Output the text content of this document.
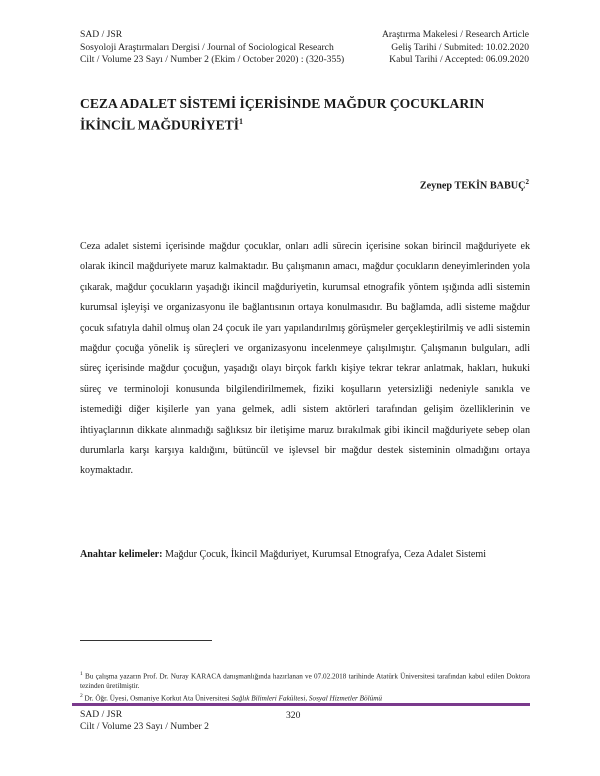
SAD / JSR
Sosyoloji Araştırmaları Dergisi / Journal of Sociological Research
Cilt / Volume 23 Sayı / Number 2 (Ekim / October 2020) : (320-355)
Araştırma Makelesi / Research Article
Geliş Tarihi / Submited: 10.02.2020
Kabul Tarihi / Accepted: 06.09.2020
CEZA ADALET SİSTEMİ İÇERİSİNDE MAĞDUR ÇOCUKLARIN
İKİNCİL MAĞDURİYETİ$^1$
Zeynep TEKİN BABUÇ$^2$
Ceza adalet sistemi içerisinde mağdur çocuklar, onları adli sürecin içerisine sokan birincil mağduriyete ek olarak ikincil mağduriyete maruz kalmaktadır. Bu çalışmanın amacı, mağdur çocukların deneyimlerinden yola çıkarak, mağdur çocukların yaşadığı ikincil mağduriyetin, kurumsal etnografik yöntem ışığında adli sistemin kurumsal işleyişi ve organizasyonu ile bağlantısının ortaya konulmasıdır. Bu bağlamda, adli sisteme mağdur çocuk sıfatıyla dahil olmuş olan 24 çocuk ile yarı yapılandırılmış görüşmeler gerçekleştirilmiş ve adli sistemin mağdur çocuğa yönelik iş süreçleri ve organizasyonu incelenmeye çalışılmıştır. Çalışmanın bulguları, adli süreç içerisinde mağdur çocuğun, yaşadığı olayı birçok farklı kişiye tekrar tekrar anlatmak, hakları, hukuki süreç ve terminoloji konusunda bilgilendirilmemek, fiziki koşulların yetersizliği nedeniyle sanıkla ve istemediği diğer kişilerle yan yana gelmek, adli sistem aktörleri tarafından gelişim özelliklerinin ve ihtiyaçlarının dikkate alınmadığı sağlıksız bir iletişime maruz bırakılmak gibi ikincil mağduriyete sebep olan durumlarla karşı karşıya kaldığını, bütüncül ve işlevsel bir mağdur destek sisteminin olmadığını ortaya koymaktadır.
Anahtar kelimeler: Mağdur Çocuk, İkincil Mağduriyet, Kurumsal Etnografya, Ceza Adalet Sistemi
$^1$ Bu çalışma yazarın Prof. Dr. Nuray KARACA danışmanlığında hazırlanan ve 07.02.2018 tarihinde Atatürk Üniversitesi tarafından kabul edilen Doktora tezinden üretilmiştir.
$^2$ Dr. Öğr. Üyesi, Osmaniye Korkut Ata Üniversitesi Sağlık Bilimleri Fakültesi, Sosyal Hizmetler Bölümü
SAD / JSR
Cilt / Volume 23 Sayı / Number 2
320
